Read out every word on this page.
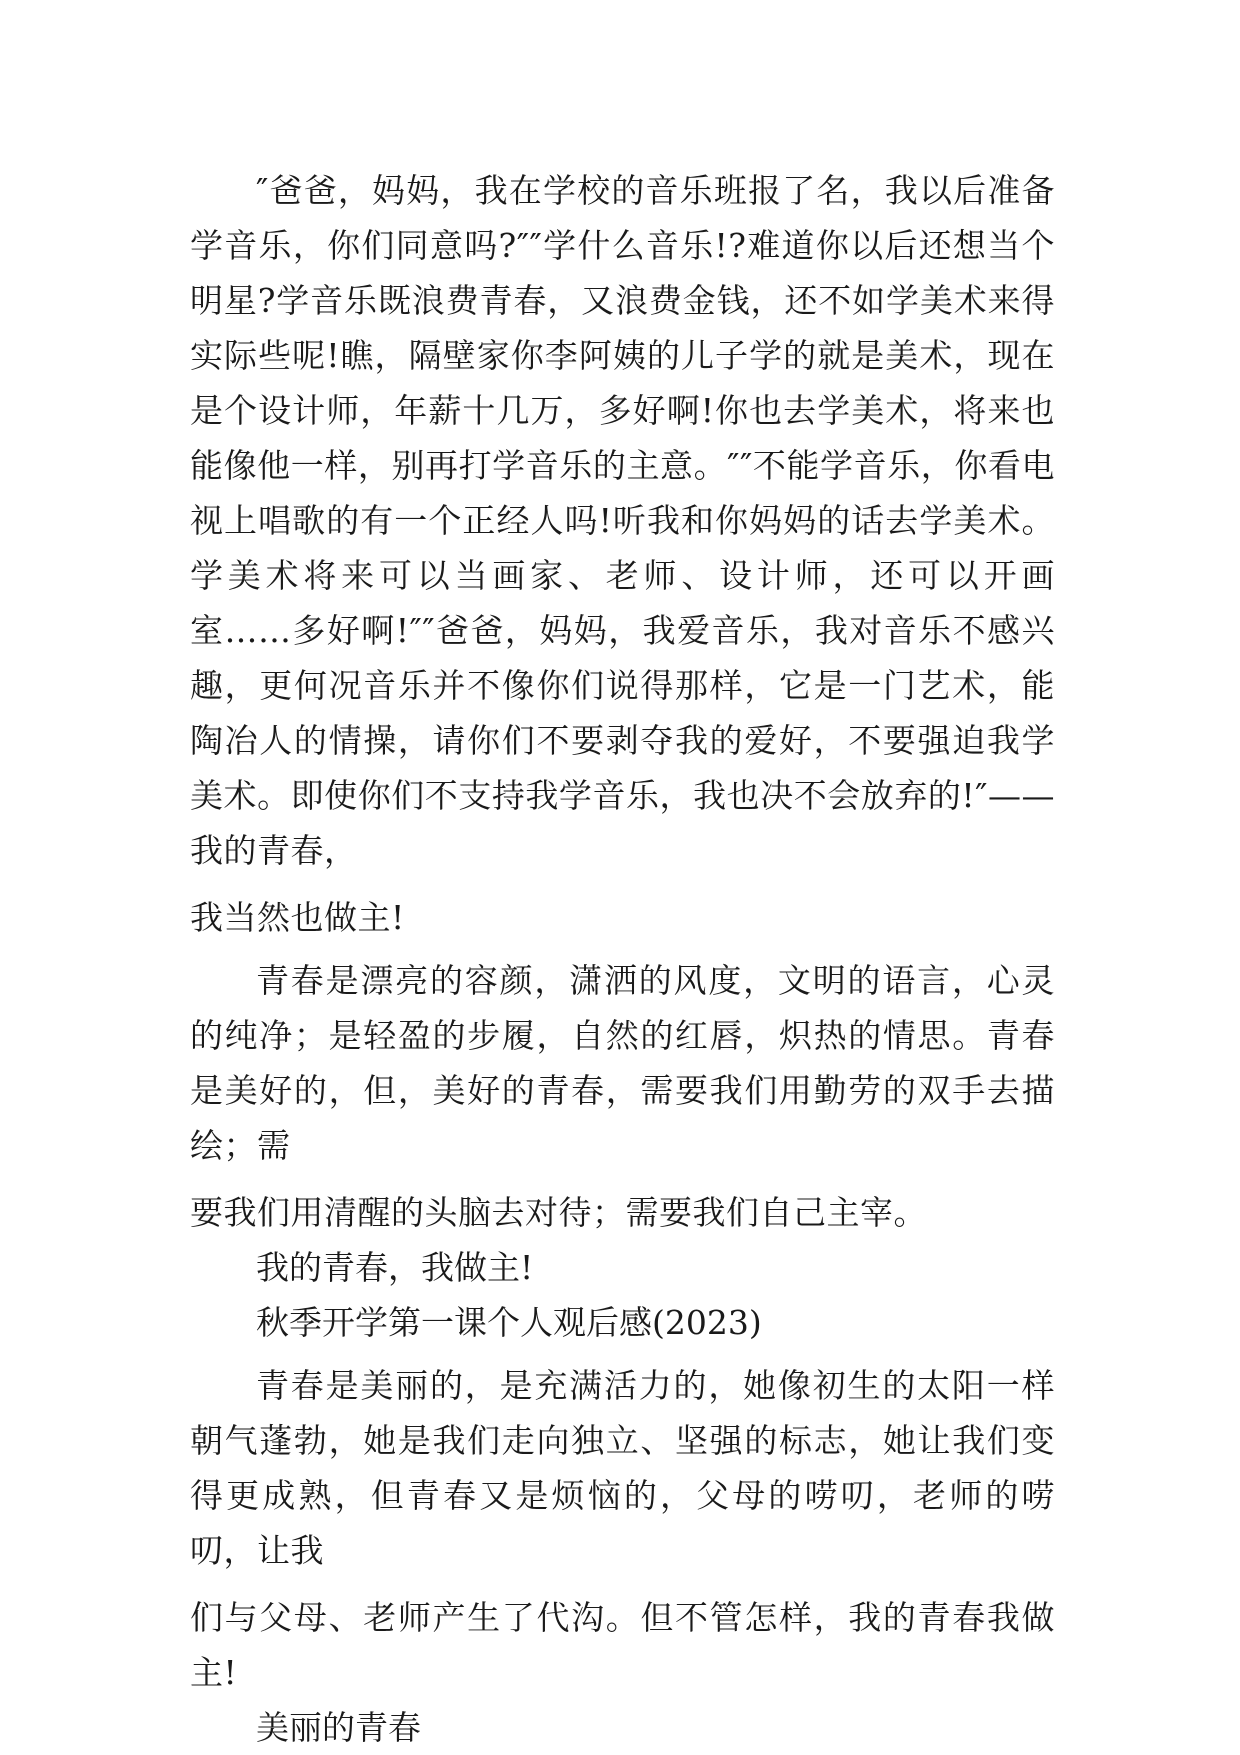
″爸爸，妈妈，我在学校的音乐班报了名，我以后准备学音乐，你们同意吗?″″学什么音乐!?难道你以后还想当个明星?学音乐既浪费青春，又浪费金钱，还不如学美术来得实际些呢!瞧，隔壁家你李阿姨的儿子学的就是美术，现在是个设计师，年薪十几万，多好啊!你也去学美术，将来也能像他一样，别再打学音乐的主意。″″不能学音乐，你看电视上唱歌的有一个正经人吗!听我和你妈妈的话去学美术。学美术将来可以当画家、老师、设计师，还可以开画室……多好啊!″″爸爸，妈妈，我爱音乐，我对音乐不感兴趣，更何况音乐并不像你们说得那样，它是一门艺术，能陶冶人的情操，请你们不要剥夺我的爱好，不要强迫我学美术。即使你们不支持我学音乐，我也决不会放弃的!″——我的青春，

我当然也做主!

青春是漂亮的容颜，潇洒的风度，文明的语言，心灵的纯净；是轻盈的步履，自然的红唇，炽热的情思。青春是美好的，但，美好的青春，需要我们用勤劳的双手去描绘；需

要我们用清醒的头脑去对待；需要我们自己主宰。

我的青春，我做主!

秋季开学第一课个人观后感(2023)

青春是美丽的，是充满活力的，她像初生的太阳一样朝气蓬勃，她是我们走向独立、坚强的标志，她让我们变得更成熟，但青春又是烦恼的，父母的唠叨，老师的唠叨，让我

们与父母、老师产生了代沟。但不管怎样，我的青春我做主!

美丽的青春
